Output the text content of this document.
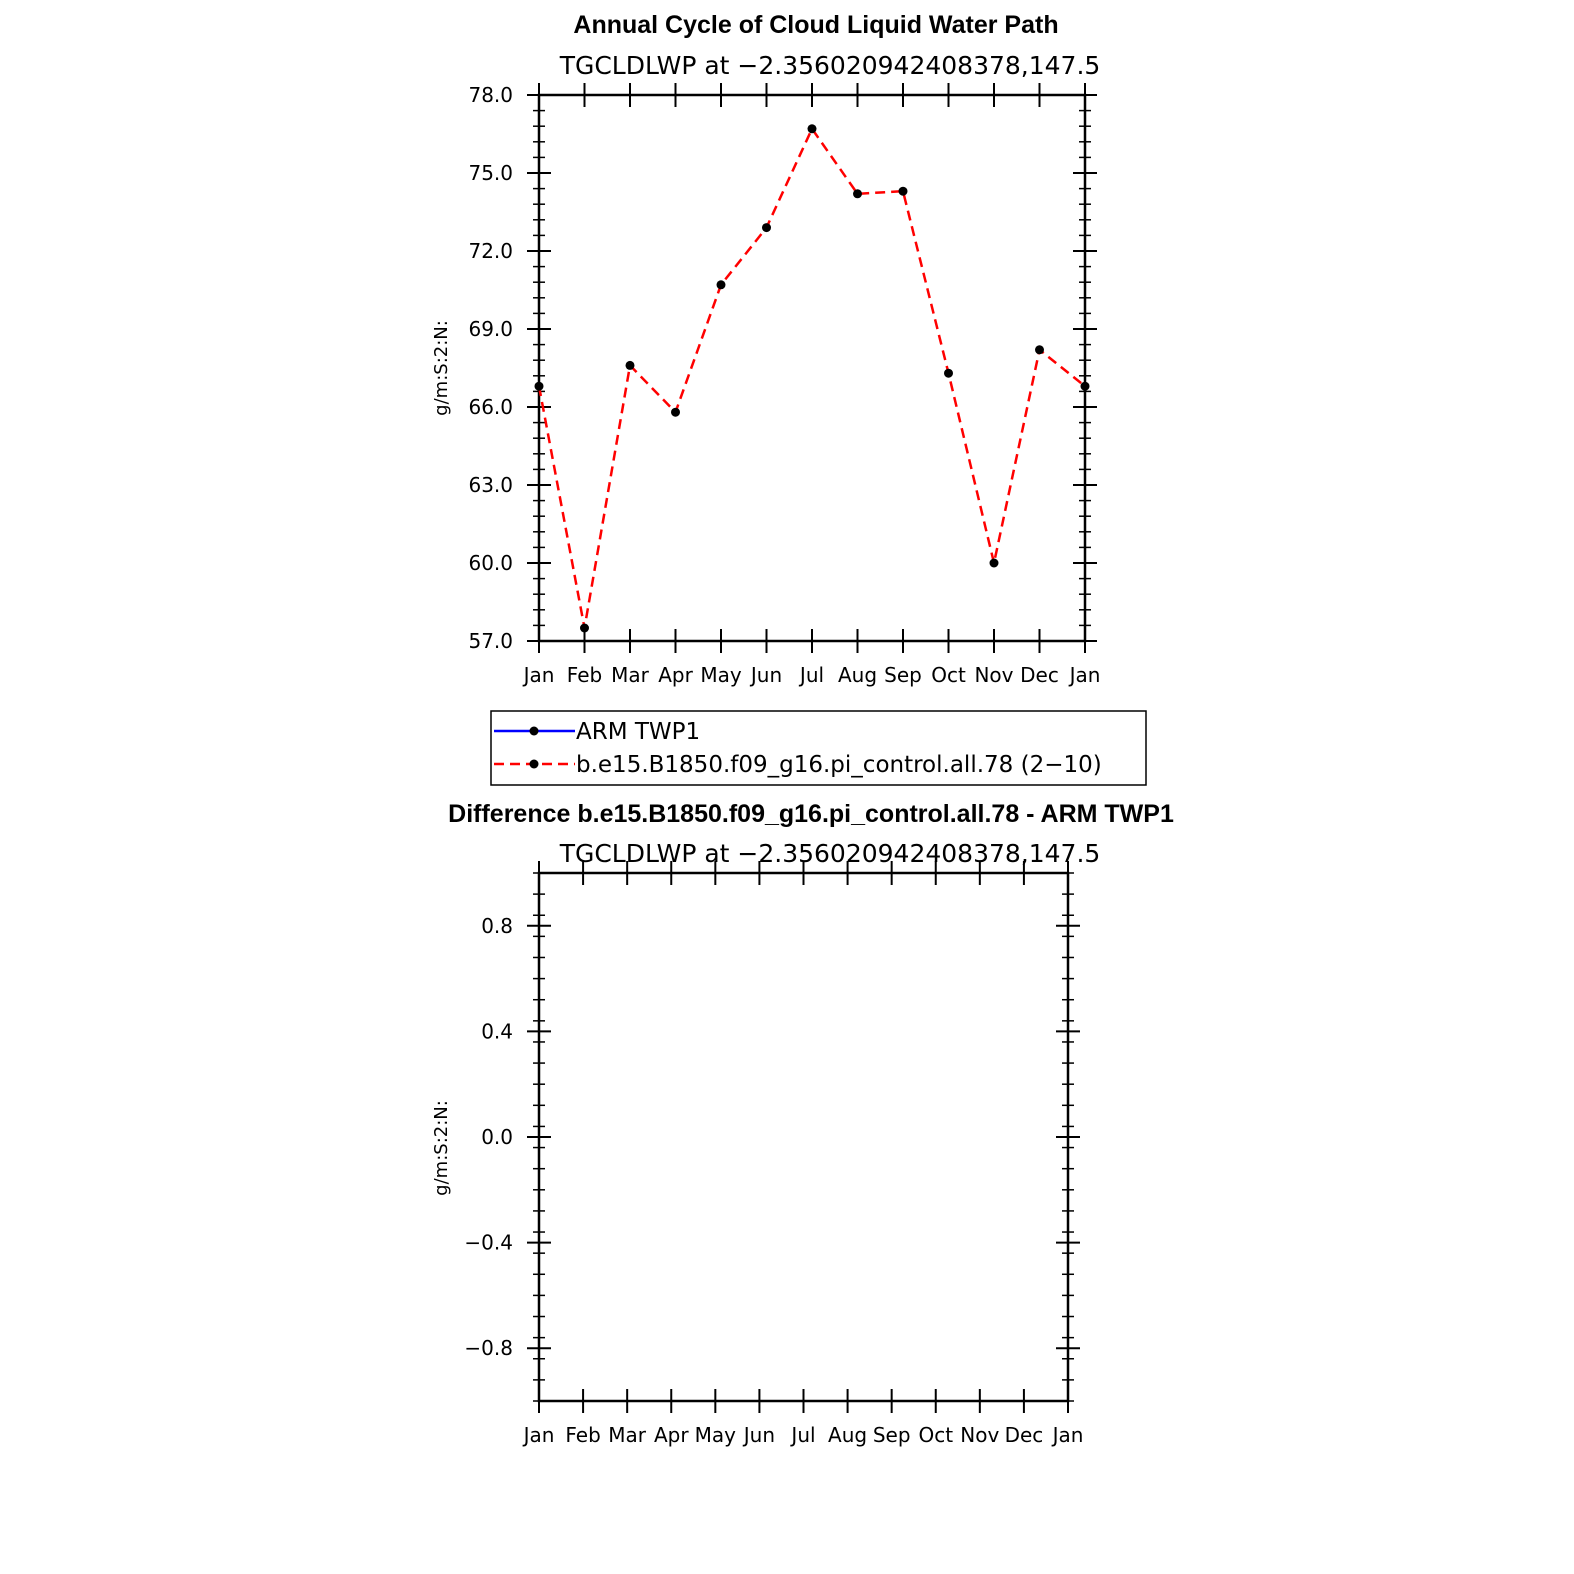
Annual Cycle of Cloud Liquid Water Path
TGCLDLWP at −2.356020942408378,147.5
g/m:S:2:N:
Jan Feb Mar Apr May Jun Jul Aug Sep Oct Nov Dec Jan
57.0
60.0
63.0
66.0
69.0
72.0
75.0
78.0
ARM TWP1
b.e15.B1850.f09_g16.pi_control.all.78 (2−10)
Difference b.e15.B1850.f09_g16.pi_control.all.78 - ARM TWP1
TGCLDLWP at −2.356020942408378,147.5
g/m:S:2:N:
Jan Feb Mar Apr May Jun Jul Aug Sep Oct Nov Dec Jan
−0.8
−0.4
0.0
0.4
0.8
